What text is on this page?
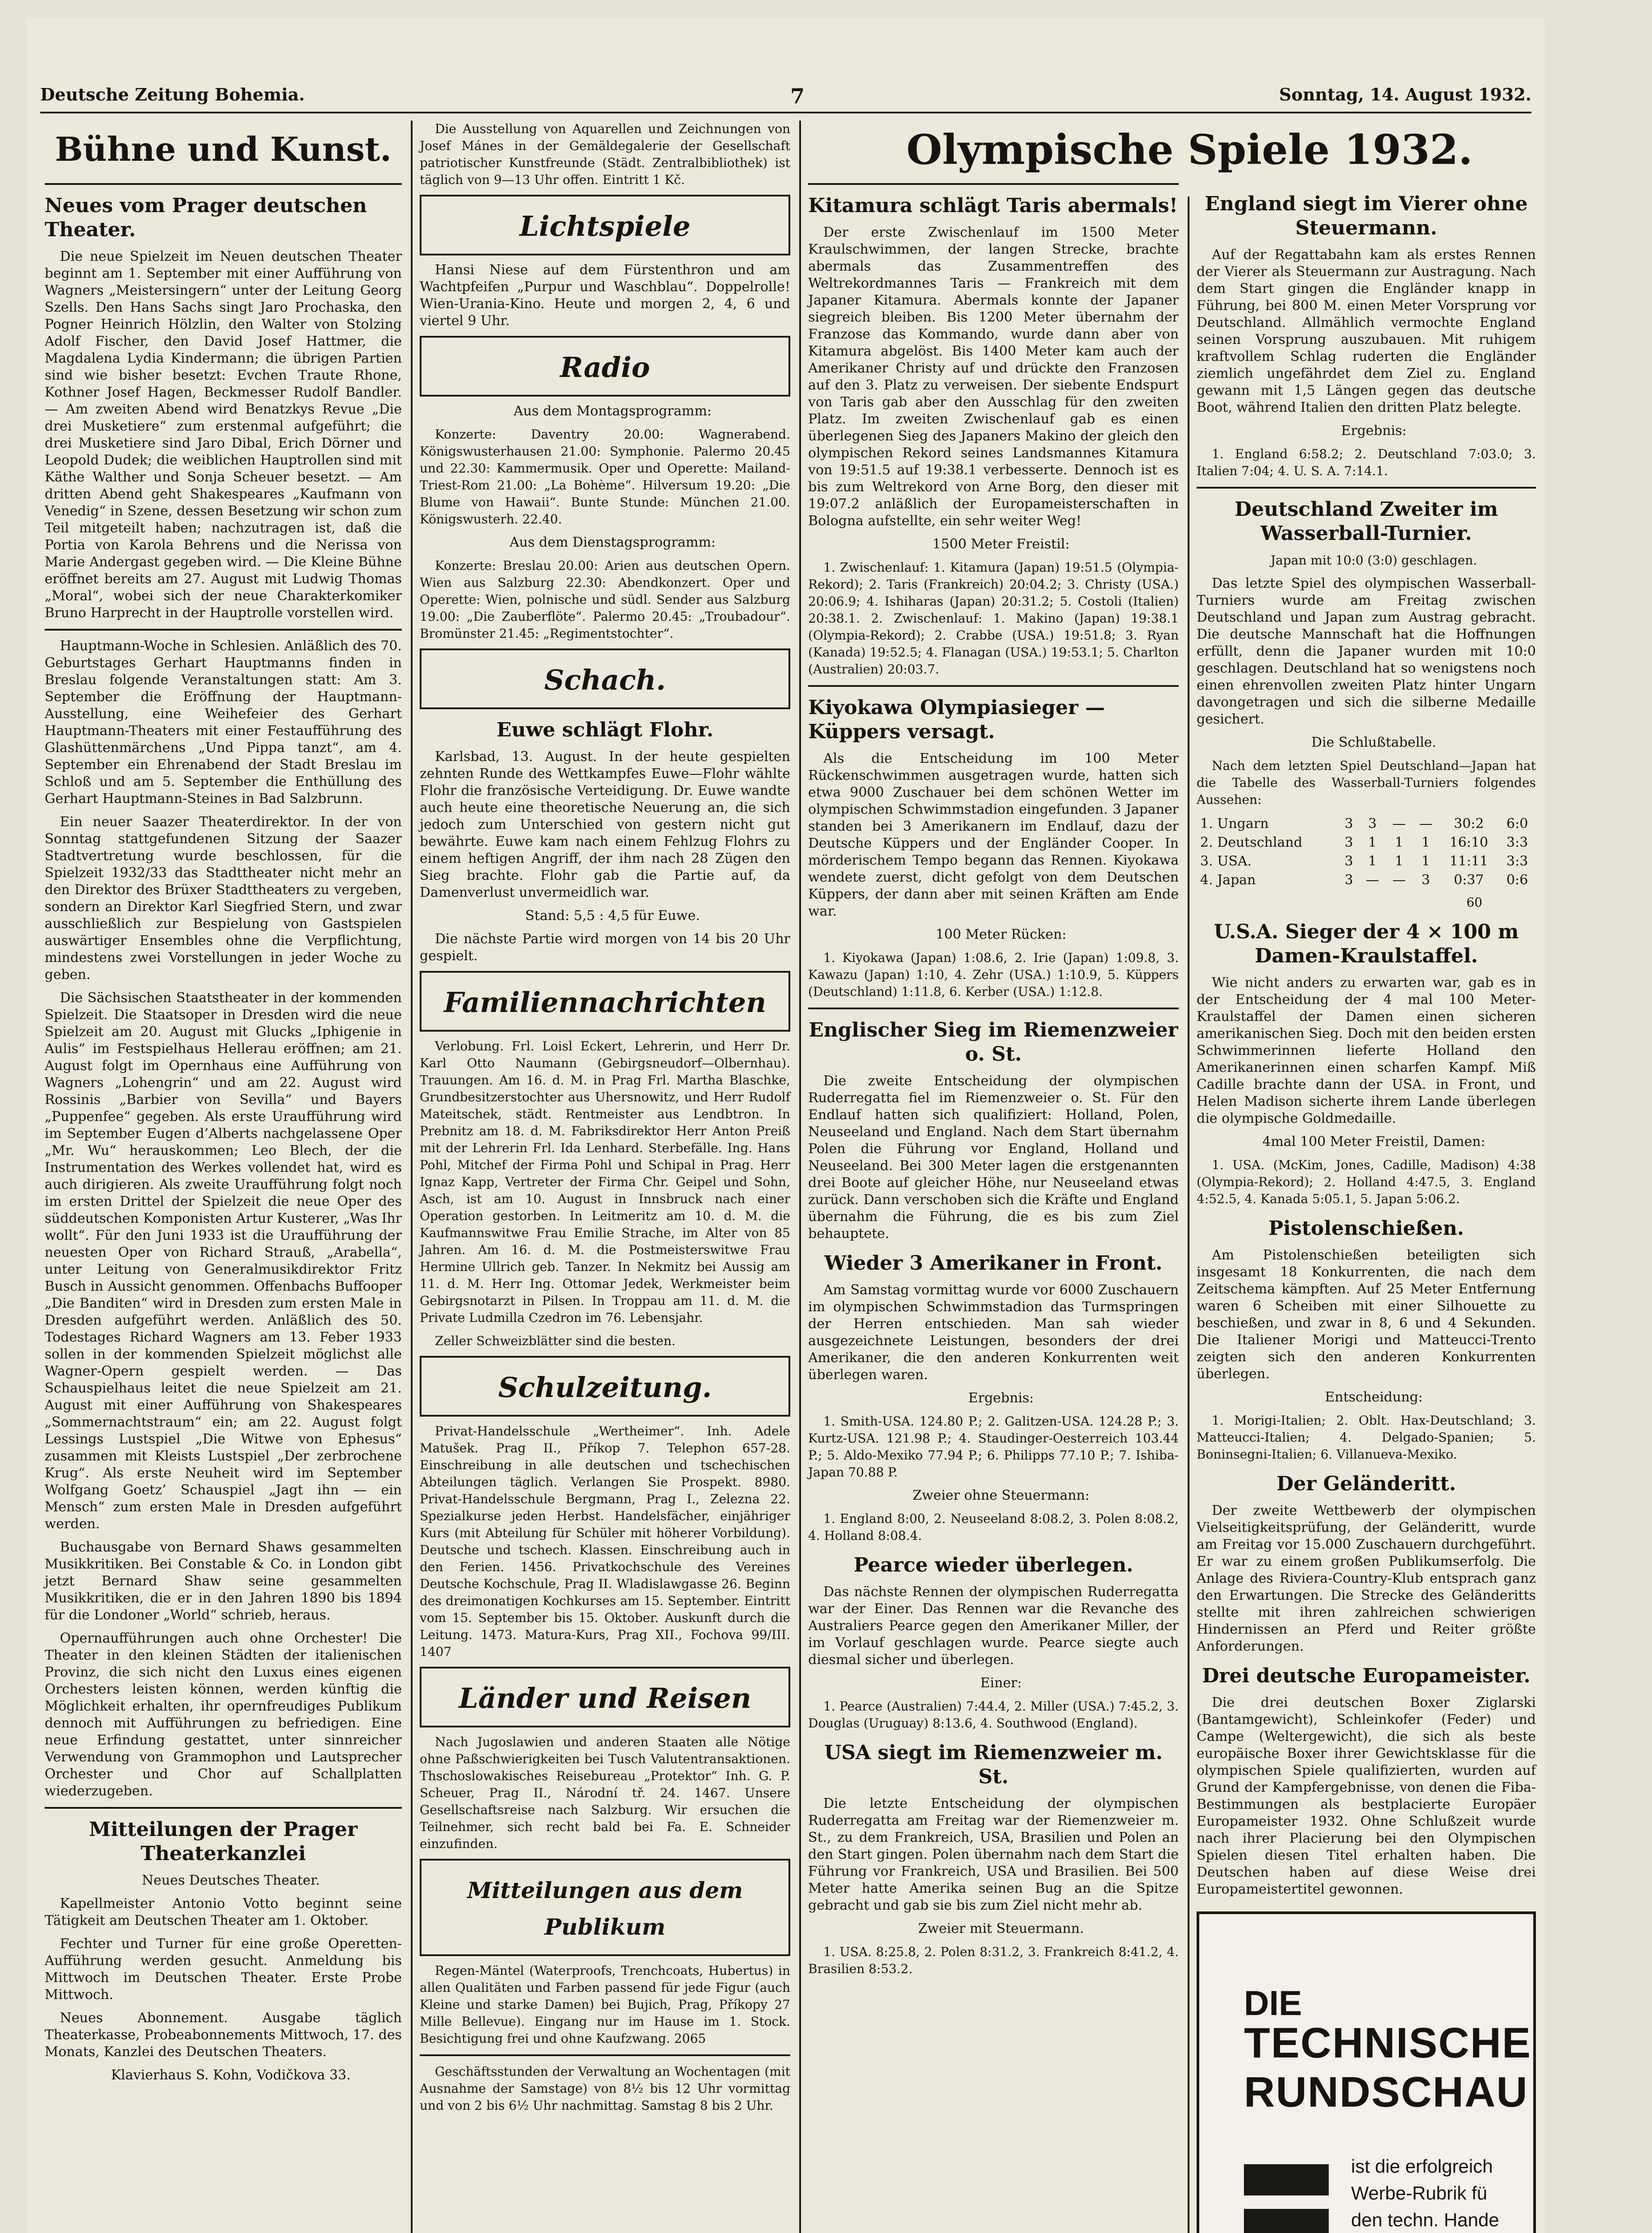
Deutsche Zeitung Bohemia.	7	Sonntag, 14. August 1932.
Bühne und Kunst.
Neues vom Prager deutschen Theater.

Die neue Spielzeit im Neuen deutschen Theater beginnt am 1. September mit einer Aufführung von Wagners „Meistersingern“ unter der Leitung Georg Szells. Den Hans Sachs singt Jaro Prochaska, den Pogner Heinrich Hölzlin, den Walter von Stolzing Adolf Fischer, den David Josef Hattmer, die Magdalena Lydia Kindermann; die übrigen Partien sind wie bisher besetzt: Evchen Traute Rhone, Kothner Josef Hagen, Beckmesser Rudolf Bandler. — Am zweiten Abend wird Benatzkys Revue „Die drei Musketiere“ zum erstenmal aufgeführt; die drei Musketiere sind Jaro Dibal, Erich Dörner und Leopold Dudek; die weiblichen Hauptrollen sind mit Käthe Walther und Sonja Scheuer besetzt. — Am dritten Abend geht Shakespeares „Kaufmann von Venedig“ in Szene, dessen Besetzung wir schon zum Teil mitgeteilt haben; nachzutragen ist, daß die Portia von Karola Behrens und die Nerissa von Marie Andergast gegeben wird. — Die Kleine Bühne eröffnet bereits am 27. August mit Ludwig Thomas „Moral“, wobei sich der neue Charakterkomiker Bruno Harprecht in der Hauptrolle vorstellen wird.

Hauptmann-Woche in Schlesien. Anläßlich des 70. Geburtstages Gerhart Hauptmanns finden in Breslau folgende Veranstaltungen statt: Am 3. September die Eröffnung der Hauptmann-Ausstellung, eine Weihefeier des Gerhart Hauptmann-Theaters mit einer Festaufführung des Glashüttenmärchens „Und Pippa tanzt“, am 4. September ein Ehrenabend der Stadt Breslau im Schloß und am 5. September die Enthüllung des Gerhart Hauptmann-Steines in Bad Salzbrunn.

Ein neuer Saazer Theaterdirektor. In der von Sonntag stattgefundenen Sitzung der Saazer Stadtvertretung wurde beschlossen, für die Spielzeit 1932/33 das Stadttheater nicht mehr an den Direktor des Brüxer Stadttheaters zu vergeben, sondern an Direktor Karl Siegfried Stern, und zwar ausschließlich zur Bespielung von Gastspielen auswärtiger Ensembles ohne die Verpflichtung, mindestens zwei Vorstellungen in jeder Woche zu geben.

Die Sächsischen Staatstheater in der kommenden Spielzeit. Die Staatsoper in Dresden wird die neue Spielzeit am 20. August mit Glucks „Iphigenie in Aulis“ im Festspielhaus Hellerau eröffnen; am 21. August folgt im Opernhaus eine Aufführung von Wagners „Lohengrin“ und am 22. August wird Rossinis „Barbier von Sevilla“ und Bayers „Puppenfee“ gegeben. Als erste Uraufführung wird im September Eugen d’Alberts nachgelassene Oper „Mr. Wu“ herauskommen; Leo Blech, der die Instrumentation des Werkes vollendet hat, wird es auch dirigieren. Als zweite Uraufführung folgt noch im ersten Drittel der Spielzeit die neue Oper des süddeutschen Komponisten Artur Kusterer, „Was Ihr wollt“. Für den Juni 1933 ist die Uraufführung der neuesten Oper von Richard Strauß, „Arabella“, unter Leitung von Generalmusikdirektor Fritz Busch in Aussicht genommen. Offenbachs Buffooper „Die Banditen“ wird in Dresden zum ersten Male in Dresden aufgeführt werden. Anläßlich des 50. Todestages Richard Wagners am 13. Feber 1933 sollen in der kommenden Spielzeit möglichst alle Wagner-Opern gespielt werden. — Das Schauspielhaus leitet die neue Spielzeit am 21. August mit einer Aufführung von Shakespeares „Sommernachtstraum“ ein; am 22. August folgt Lessings Lustspiel „Die Witwe von Ephesus“ zusammen mit Kleists Lustspiel „Der zerbrochene Krug“. Als erste Neuheit wird im September Wolfgang Goetz’ Schauspiel „Jagt ihn — ein Mensch“ zum ersten Male in Dresden aufgeführt werden.

Buchausgabe von Bernard Shaws gesammelten Musikkritiken. Bei Constable & Co. in London gibt jetzt Bernard Shaw seine gesammelten Musikkritiken, die er in den Jahren 1890 bis 1894 für die Londoner „World“ schrieb, heraus.

Opernaufführungen auch ohne Orchester! Die Theater in den kleinen Städten der italienischen Provinz, die sich nicht den Luxus eines eigenen Orchesters leisten können, werden künftig die Möglichkeit erhalten, ihr opernfreudiges Publikum dennoch mit Aufführungen zu befriedigen. Eine neue Erfindung gestattet, unter sinnreicher Verwendung von Grammophon und Lautsprecher Orchester und Chor auf Schallplatten wiederzugeben.

Mitteilungen der Prager Theaterkanzlei

Neues Deutsches Theater.

Kapellmeister Antonio Votto beginnt seine Tätigkeit am Deutschen Theater am 1. Oktober.

Fechter und Turner für eine große Operetten-Aufführung werden gesucht. Anmeldung bis Mittwoch im Deutschen Theater. Erste Probe Mittwoch.

Neues Abonnement. Ausgabe täglich Theaterkasse, Probeabonnements Mittwoch, 17. des Monats, Kanzlei des Deutschen Theaters.

Klavierhaus S. Kohn, Vodičkova 33.

Die Ausstellung von Aquarellen und Zeichnungen von Josef Mánes in der Gemäldegalerie der Gesellschaft patriotischer Kunstfreunde (Städt. Zentralbibliothek) ist täglich von 9—13 Uhr offen. Eintritt 1 Kč.

Lichtspiele

Hansi Niese auf dem Fürstenthron und am Wachtpfeifen „Purpur und Waschblau“. Doppelrolle! Wien-Urania-Kino. Heute und morgen 2, 4, 6 und viertel 9 Uhr.

Radio

Aus dem Montagsprogramm:

Konzerte: Daventry 20.00: Wagnerabend. Königswusterhausen 21.00: Symphonie. Palermo 20.45 und 22.30: Kammermusik. Oper und Operette: Mailand-Triest-Rom 21.00: „La Bohème“. Hilversum 19.20: „Die Blume von Hawaii“. Bunte Stunde: München 21.00. Königswusterh. 22.40.

Aus dem Dienstagsprogramm:

Konzerte: Breslau 20.00: Arien aus deutschen Opern. Wien aus Salzburg 22.30: Abendkonzert. Oper und Operette: Wien, polnische und südl. Sender aus Salzburg 19.00: „Die Zauberflöte“. Palermo 20.45: „Troubadour“. Bromünster 21.45: „Regimentstochter“.

Schach.
Euwe schlägt Flohr.

Karlsbad, 13. August. In der heute gespielten zehnten Runde des Wettkampfes Euwe—Flohr wählte Flohr die französische Verteidigung. Dr. Euwe wandte auch heute eine theoretische Neuerung an, die sich jedoch zum Unterschied von gestern nicht gut bewährte. Euwe kam nach einem Fehlzug Flohrs zu einem heftigen Angriff, der ihm nach 28 Zügen den Sieg brachte. Flohr gab die Partie auf, da Damenverlust unvermeidlich war.

Stand: 5,5 : 4,5 für Euwe.

Die nächste Partie wird morgen von 14 bis 20 Uhr gespielt.

Familiennachrichten

Verlobung. Frl. Loisl Eckert, Lehrerin, und Herr Dr. Karl Otto Naumann (Gebirgsneudorf—Olbernhau). Trauungen. Am 16. d. M. in Prag Frl. Martha Blaschke, Grundbesitzerstochter aus Uhersnowitz, und Herr Rudolf Mateitschek, städt. Rentmeister aus Lendbtron. In Prebnitz am 18. d. M. Fabriksdirektor Herr Anton Preiß mit der Lehrerin Frl. Ida Lenhard. Sterbefälle. Ing. Hans Pohl, Mitchef der Firma Pohl und Schipal in Prag. Herr Ignaz Kapp, Vertreter der Firma Chr. Geipel und Sohn, Asch, ist am 10. August in Innsbruck nach einer Operation gestorben. In Leitmeritz am 10. d. M. die Kaufmannswitwe Frau Emilie Strache, im Alter von 85 Jahren. Am 16. d. M. die Postmeisterswitwe Frau Hermine Ullrich geb. Tanzer. In Nekmitz bei Aussig am 11. d. M. Herr Ing. Ottomar Jedek, Werkmeister beim Gebirgsnotarzt in Pilsen. In Troppau am 11. d. M. die Private Ludmilla Czedron im 76. Lebensjahr.

Zeller Schweizblätter sind die besten.

Schulzeitung.

Privat-Handelsschule „Wertheimer“. Inh. Adele Matušek. Prag II., Příkop 7. Telephon 657-28. Einschreibung in alle deutschen und tschechischen Abteilungen täglich. Verlangen Sie Prospekt. 8980. Privat-Handelsschule Bergmann, Prag I., Zelezna 22. Spezialkurse jeden Herbst. Handelsfächer, einjähriger Kurs (mit Abteilung für Schüler mit höherer Vorbildung). Deutsche und tschech. Klassen. Einschreibung auch in den Ferien. 1456. Privatkochschule des Vereines Deutsche Kochschule, Prag II. Wladislawgasse 26. Beginn des dreimonatigen Kochkurses am 15. September. Eintritt vom 15. September bis 15. Oktober. Auskunft durch die Leitung. 1473. Matura-Kurs, Prag XII., Fochova 99/III. 1407

Länder und Reisen

Nach Jugoslawien und anderen Staaten alle Nötige ohne Paßschwierigkeiten bei Tusch Valutentransaktionen. Thschoslowakisches Reisebureau „Protektor“ Inh. G. P. Scheuer, Prag II., Národní tř. 24. 1467. Unsere Gesellschaftsreise nach Salzburg. Wir ersuchen die Teilnehmer, sich recht bald bei Fa. E. Schneider einzufinden.

Mitteilungen aus dem Publikum

Regen-Mäntel (Waterproofs, Trenchcoats, Hubertus) in allen Qualitäten und Farben passend für jede Figur (auch Kleine und starke Damen) bei Bujich, Prag, Příkopy 27 Mille Bellevue). Eingang nur im Hause im 1. Stock. Besichtigung frei und ohne Kaufzwang. 2065

Geschäftsstunden der Verwaltung an Wochentagen (mit Ausnahme der Samstage) von 8½ bis 12 Uhr vormittag und von 2 bis 6½ Uhr nachmittag. Samstag 8 bis 2 Uhr.

Olympische Spiele 1932.
Kitamura schlägt Taris abermals!

Der erste Zwischenlauf im 1500 Meter Kraulschwimmen, der langen Strecke, brachte abermals das Zusammentreffen des Weltrekordmannes Taris — Frankreich mit dem Japaner Kitamura. Abermals konnte der Japaner siegreich bleiben. Bis 1200 Meter übernahm der Franzose das Kommando, wurde dann aber von Kitamura abgelöst. Bis 1400 Meter kam auch der Amerikaner Christy auf und drückte den Franzosen auf den 3. Platz zu verweisen. Der siebente Endspurt von Taris gab aber den Ausschlag für den zweiten Platz. Im zweiten Zwischenlauf gab es einen überlegenen Sieg des Japaners Makino der gleich den olympischen Rekord seines Landsmannes Kitamura von 19:51.5 auf 19:38.1 verbesserte. Dennoch ist es bis zum Weltrekord von Arne Borg, den dieser mit 19:07.2 anläßlich der Europameisterschaften in Bologna aufstellte, ein sehr weiter Weg!

1500 Meter Freistil:

1. Zwischenlauf: 1. Kitamura (Japan) 19:51.5 (Olympia-Rekord); 2. Taris (Frankreich) 20:04.2; 3. Christy (USA.) 20:06.9; 4. Ishiharas (Japan) 20:31.2; 5. Costoli (Italien) 20:38.1. 2. Zwischenlauf: 1. Makino (Japan) 19:38.1 (Olympia-Rekord); 2. Crabbe (USA.) 19:51.8; 3. Ryan (Kanada) 19:52.5; 4. Flanagan (USA.) 19:53.1; 5. Charlton (Australien) 20:03.7.

Kiyokawa Olympiasieger — Küppers versagt.

Als die Entscheidung im 100 Meter Rückenschwimmen ausgetragen wurde, hatten sich etwa 9000 Zuschauer bei dem schönen Wetter im olympischen Schwimmstadion eingefunden. 3 Japaner standen bei 3 Amerikanern im Endlauf, dazu der Deutsche Küppers und der Engländer Cooper. In mörderischem Tempo begann das Rennen. Kiyokawa wendete zuerst, dicht gefolgt von dem Deutschen Küppers, der dann aber mit seinen Kräften am Ende war.

100 Meter Rücken:

1. Kiyokawa (Japan) 1:08.6, 2. Irie (Japan) 1:09.8, 3. Kawazu (Japan) 1:10, 4. Zehr (USA.) 1:10.9, 5. Küppers (Deutschland) 1:11.8, 6. Kerber (USA.) 1:12.8.

Englischer Sieg im Riemenzweier o. St.

Die zweite Entscheidung der olympischen Ruderregatta fiel im Riemenzweier o. St. Für den Endlauf hatten sich qualifiziert: Holland, Polen, Neuseeland und England. Nach dem Start übernahm Polen die Führung vor England, Holland und Neuseeland. Bei 300 Meter lagen die erstgenannten drei Boote auf gleicher Höhe, nur Neuseeland etwas zurück. Dann verschoben sich die Kräfte und England übernahm die Führung, die es bis zum Ziel behauptete.

Wieder 3 Amerikaner in Front.

Am Samstag vormittag wurde vor 6000 Zuschauern im olympischen Schwimmstadion das Turmspringen der Herren entschieden. Man sah wieder ausgezeichnete Leistungen, besonders der drei Amerikaner, die den anderen Konkurrenten weit überlegen waren.

Ergebnis:

1. Smith-USA. 124.80 P.; 2. Galitzen-USA. 124.28 P.; 3. Kurtz-USA. 121.98 P.; 4. Staudinger-Oesterreich 103.44 P.; 5. Aldo-Mexiko 77.94 P.; 6. Philipps 77.10 P.; 7. Ishiba-Japan 70.88 P.

Zweier ohne Steuermann:

1. England 8:00, 2. Neuseeland 8:08.2, 3. Polen 8:08.2, 4. Holland 8:08.4.

Pearce wieder überlegen.

Das nächste Rennen der olympischen Ruderregatta war der Einer. Das Rennen war die Revanche des Australiers Pearce gegen den Amerikaner Miller, der im Vorlauf geschlagen wurde. Pearce siegte auch diesmal sicher und überlegen.

Einer:

1. Pearce (Australien) 7:44.4, 2. Miller (USA.) 7:45.2, 3. Douglas (Uruguay) 8:13.6, 4. Southwood (England).

USA siegt im Riemenzweier m. St.

Die letzte Entscheidung der olympischen Ruderregatta am Freitag war der Riemenzweier m. St., zu dem Frankreich, USA, Brasilien und Polen an den Start gingen. Polen übernahm nach dem Start die Führung vor Frankreich, USA und Brasilien. Bei 500 Meter hatte Amerika seinen Bug an die Spitze gebracht und gab sie bis zum Ziel nicht mehr ab.

Zweier mit Steuermann.

1. USA. 8:25.8, 2. Polen 8:31.2, 3. Frankreich 8:41.2, 4. Brasilien 8:53.2.

England siegt im Vierer ohne Steuermann.

Auf der Regattabahn kam als erstes Rennen der Vierer als Steuermann zur Austragung. Nach dem Start gingen die Engländer knapp in Führung, bei 800 M. einen Meter Vorsprung vor Deutschland. Allmählich vermochte England seinen Vorsprung auszubauen. Mit ruhigem kraftvollem Schlag ruderten die Engländer ziemlich ungefährdet dem Ziel zu. England gewann mit 1,5 Längen gegen das deutsche Boot, während Italien den dritten Platz belegte.

Ergebnis:

1. England 6:58.2; 2. Deutschland 7:03.0; 3. Italien 7:04; 4. U. S. A. 7:14.1.

Deutschland Zweiter im Wasserball-Turnier.

Japan mit 10:0 (3:0) geschlagen.

Das letzte Spiel des olympischen Wasserball-Turniers wurde am Freitag zwischen Deutschland und Japan zum Austrag gebracht. Die deutsche Mannschaft hat die Hoffnungen erfüllt, denn die Japaner wurden mit 10:0 geschlagen. Deutschland hat so wenigstens noch einen ehrenvollen zweiten Platz hinter Ungarn davongetragen und sich die silberne Medaille gesichert.

Die Schlußtabelle.

Nach dem letzten Spiel Deutschland—Japan hat die Tabelle des Wasserball-Turniers folgendes Aussehen:

1. Ungarn	3	3	—	—	30:2	6:0
2. Deutschland	3	1	1	1	16:10	3:3
3. USA.	3	1	1	1	11:11	3:3
4. Japan	3	—	—	3	0:37	0:6

60

U.S.A. Sieger der 4 × 100 m Damen-Kraulstaffel.

Wie nicht anders zu erwarten war, gab es in der Entscheidung der 4 mal 100 Meter-Kraulstaffel der Damen einen sicheren amerikanischen Sieg. Doch mit den beiden ersten Schwimmerinnen lieferte Holland den Amerikanerinnen einen scharfen Kampf. Miß Cadille brachte dann der USA. in Front, und Helen Madison sicherte ihrem Lande überlegen die olympische Goldmedaille.

4mal 100 Meter Freistil, Damen:

1. USA. (McKim, Jones, Cadille, Madison) 4:38 (Olympia-Rekord); 2. Holland 4:47.5, 3. England 4:52.5, 4. Kanada 5:05.1, 5. Japan 5:06.2.

Pistolenschießen.

Am Pistolenschießen beteiligten sich insgesamt 18 Konkurrenten, die nach dem Zeitschema kämpften. Auf 25 Meter Entfernung waren 6 Scheiben mit einer Silhouette zu beschießen, und zwar in 8, 6 und 4 Sekunden. Die Italiener Morigi und Matteucci-Trento zeigten sich den anderen Konkurrenten überlegen.

Entscheidung:

1. Morigi-Italien; 2. Oblt. Hax-Deutschland; 3. Matteucci-Italien; 4. Delgado-Spanien; 5. Boninsegni-Italien; 6. Villanueva-Mexiko.

Der Geländeritt.

Der zweite Wettbewerb der olympischen Vielseitigkeitsprüfung, der Geländeritt, wurde am Freitag vor 15.000 Zuschauern durchgeführt. Er war zu einem großen Publikumserfolg. Die Anlage des Riviera-Country-Klub entsprach ganz den Erwartungen. Die Strecke des Geländeritts stellte mit ihren zahlreichen schwierigen Hindernissen an Pferd und Reiter größte Anforderungen.

Drei deutsche Europameister.

Die drei deutschen Boxer Ziglarski (Bantamgewicht), Schleinkofer (Feder) und Campe (Weltergewicht), die sich als beste europäische Boxer ihrer Gewichtsklasse für die olympischen Spiele qualifizierten, wurden auf Grund der Kampfergebnisse, von denen die Fiba-Bestimmungen als bestplacierte Europäer Europameister 1932. Ohne Schlußzeit wurde nach ihrer Placierung bei den Olympischen Spielen diesen Titel erhalten haben. Die Deutschen haben auf diese Weise drei Europameistertitel gewonnen.

DIE
TECHNISCHE
RUNDSCHAU
ist die erfolgreich
Werbe-Rubrik fü
den techn. Hande
